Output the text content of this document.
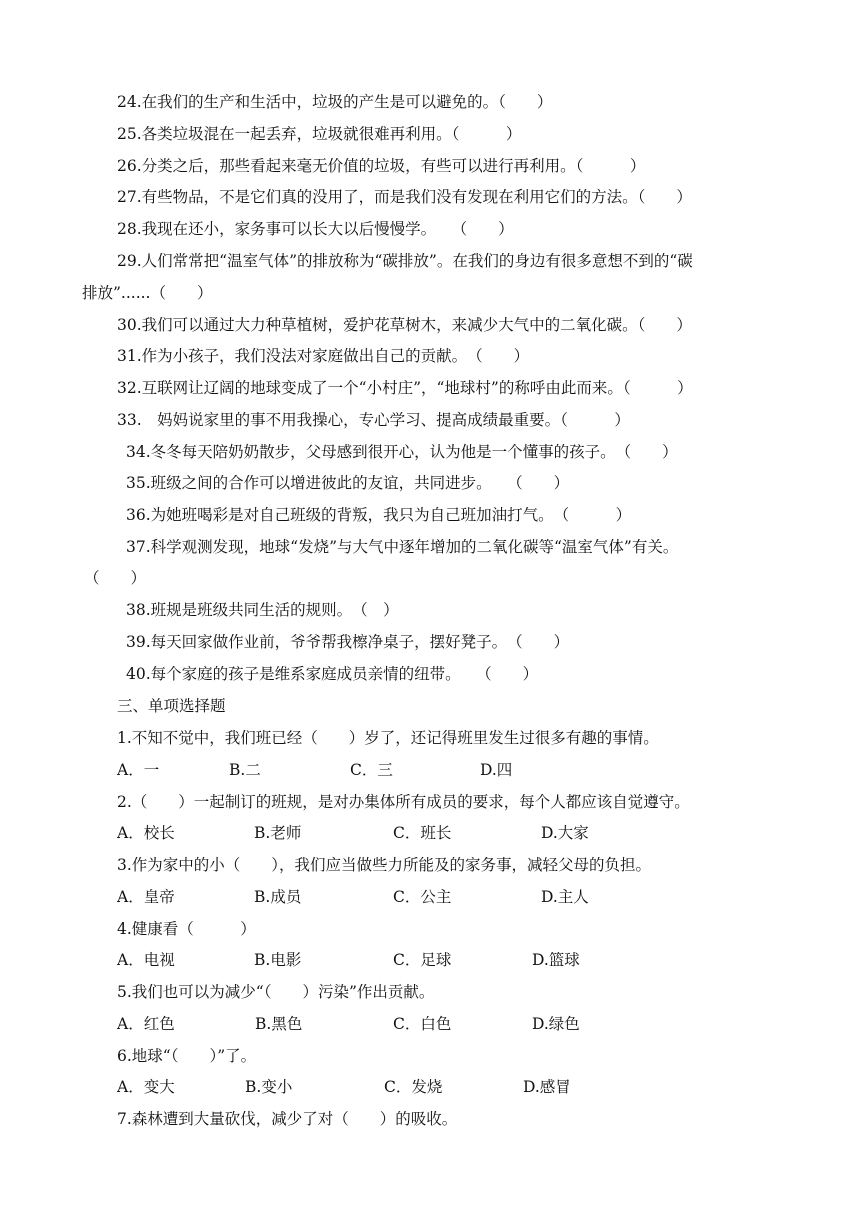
24.在我们的生产和生活中，垃圾的产生是可以避免的。（　　）
25.各类垃圾混在一起丢弃，垃圾就很难再利用。（　　　）
26.分类之后，那些看起来毫无价值的垃圾，有些可以进行再利用。（　　　）
27.有些物品，不是它们真的没用了，而是我们没有发现在利用它们的方法。（　　）
28.我现在还小，家务事可以长大以后慢慢学。　　（　　）
29.人们常常把“温室气体”的排放称为“碳排放”。在我们的身边有很多意想不到的“碳
排放”......（　　）
30.我们可以通过大力种草植树，爱护花草树木，来减少大气中的二氧化碳。（　　）
31.作为小孩子，我们没法对家庭做出自己的贡献。　（　　）
32.互联网让辽阔的地球变成了一个“小村庄”，“地球村”的称呼由此而来。（　　　）
33.　妈妈说家里的事不用我操心，专心学习、提高成绩最重要。（　　　）
34.冬冬每天陪奶奶散步，父母感到很开心，认为他是一个懂事的孩子。　（　　）
35.班级之间的合作可以增进彼此的友谊，共同进步。　　（　　）
36.为她班喝彩是对自己班级的背叛，我只为自己班加油打气。　（　　　）
37.科学观测发现，地球“发烧”与大气中逐年增加的二氧化碳等“温室气体”有关。
（　　）
38.班规是班级共同生活的规则。　（　）
39.每天回家做作业前，爷爷帮我檫净桌子，摆好凳子。　（　　）
40.每个家庭的孩子是维系家庭成员亲情的纽带。　　（　　）
三、单项选择题
1.不知不觉中，我们班已经（　　）岁了，还记得班里发生过很多有趣的事情。
A．一	B.二	C．三	D.四
2.（　　）一起制订的班规，是对办集体所有成员的要求，每个人都应该自觉遵守。
A．校长	B.老师	C．班长	D.大家
3.作为家中的小（　　），我们应当做些力所能及的家务事，减轻父母的负担。
A．皇帝	B.成员	C．公主	D.主人
4.健康看（　　　）
A．电视	B.电影	C．足球	D.篮球
5.我们也可以为减少“（　　）污染”作出贡献。
A．红色	B.黑色	C．白色	D.绿色
6.地球“（　　）”了。
A．变大	B.变小	C．发烧	D.感冒
7.森林遭到大量砍伐，减少了对（　　）的吸收。
